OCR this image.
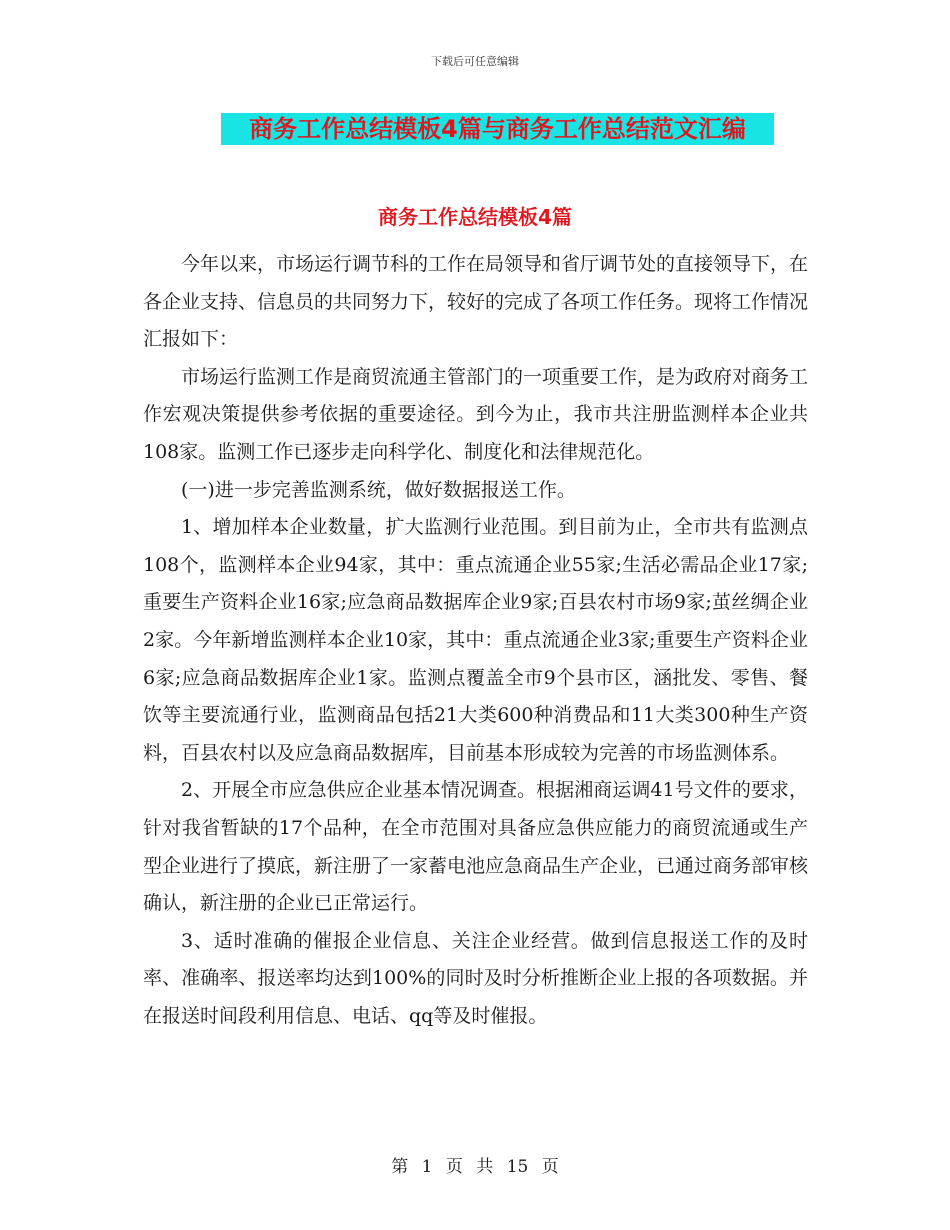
下载后可任意编辑
商务工作总结模板4篇与商务工作总结范文汇编
商务工作总结模板4篇

今年以来，市场运行调节科的工作在局领导和省厅调节处的直接领导下，在各企业支持、信息员的共同努力下，较好的完成了各项工作任务。现将工作情况汇报如下：

市场运行监测工作是商贸流通主管部门的一项重要工作，是为政府对商务工作宏观决策提供参考依据的重要途径。到今为止，我市共注册监测样本企业共108家。监测工作已逐步走向科学化、制度化和法律规范化。

(一)进一步完善监测系统，做好数据报送工作。

1、增加样本企业数量，扩大监测行业范围。到目前为止，全市共有监测点108个，监测样本企业94家，其中：重点流通企业55家;生活必需品企业17家;重要生产资料企业16家;应急商品数据库企业9家;百县农村市场9家;茧丝绸企业2家。今年新增监测样本企业10家，其中：重点流通企业3家;重要生产资料企业6家;应急商品数据库企业1家。监测点覆盖全市9个县市区，涵批发、零售、餐饮等主要流通行业，监测商品包括21大类600种消费品和11大类300种生产资料，百县农村以及应急商品数据库，目前基本形成较为完善的市场监测体系。

2、开展全市应急供应企业基本情况调查。根据湘商运调41号文件的要求，针对我省暂缺的17个品种，在全市范围对具备应急供应能力的商贸流通或生产型企业进行了摸底，新注册了一家蓄电池应急商品生产企业，已通过商务部审核确认，新注册的企业已正常运行。

3、适时准确的催报企业信息、关注企业经营。做到信息报送工作的及时率、准确率、报送率均达到100%的同时及时分析推断企业上报的各项数据。并在报送时间段利用信息、电话、qq等及时催报。

第 1 页 共 15 页
